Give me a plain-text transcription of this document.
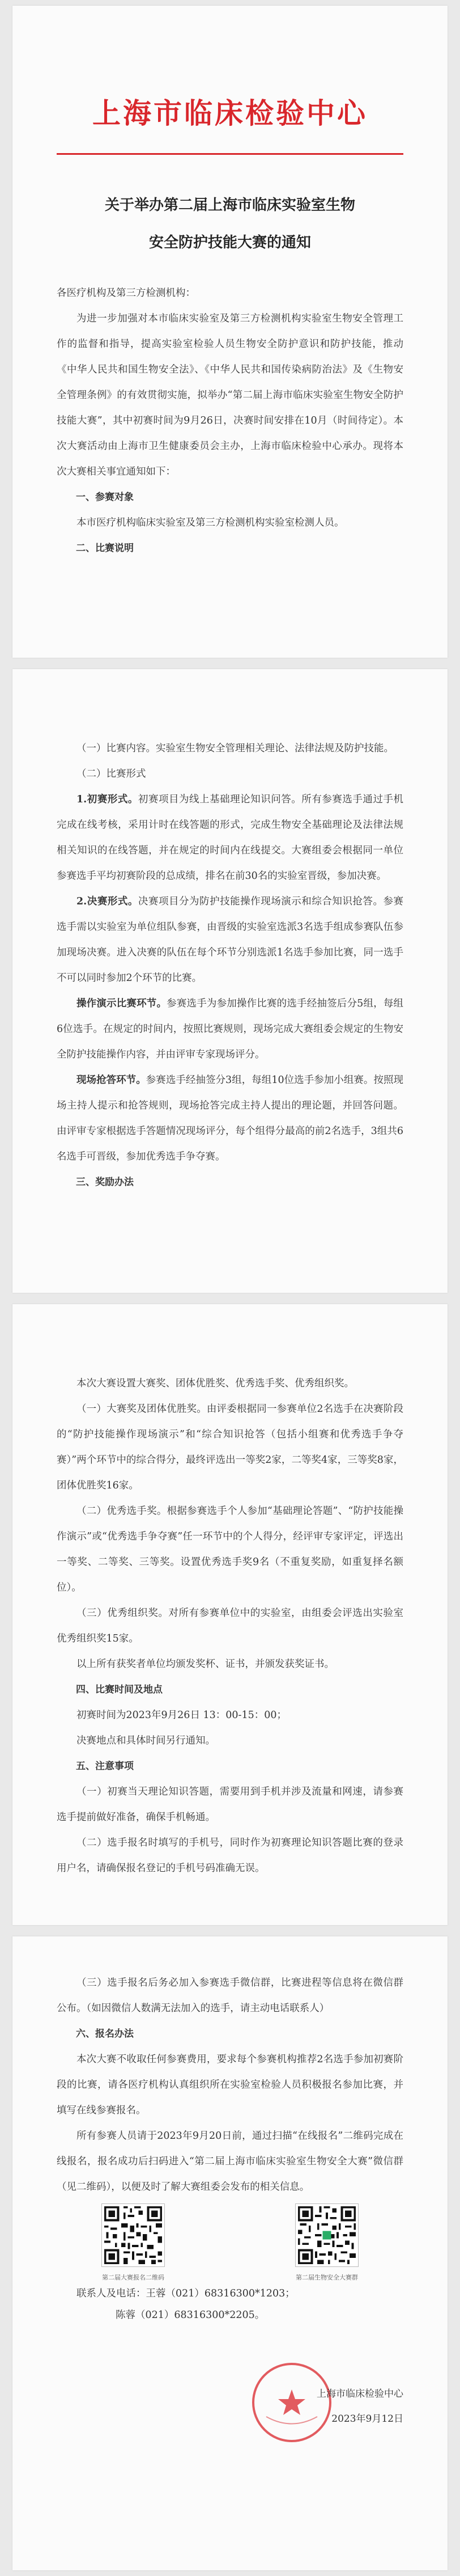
上海市临床检验中心
关于举办第二届上海市临床实验室生物
安全防护技能大赛的通知

各医疗机构及第三方检测机构：

为进一步加强对本市临床实验室及第三方检测机构实验室生物安全管理工作的监督和指导，提高实验室检验人员生物安全防护意识和防护技能，推动《中华人民共和国生物安全法》、《中华人民共和国传染病防治法》及《生物安全管理条例》的有效贯彻实施，拟举办“第二届上海市临床实验室生物安全防护技能大赛”，其中初赛时间为9月26日，决赛时间安排在10月（时间待定）。本次大赛活动由上海市卫生健康委员会主办，上海市临床检验中心承办。现将本次大赛相关事宜通知如下：

一、参赛对象

本市医疗机构临床实验室及第三方检测机构实验室检测人员。

二、比赛说明

（一）比赛内容。实验室生物安全管理相关理论、法律法规及防护技能。

（二）比赛形式

1.初赛形式。初赛项目为线上基础理论知识问答。所有参赛选手通过手机完成在线考核，采用计时在线答题的形式，完成生物安全基础理论及法律法规相关知识的在线答题，并在规定的时间内在线提交。大赛组委会根据同一单位参赛选手平均初赛阶段的总成绩，排名在前30名的实验室晋级，参加决赛。

2.决赛形式。决赛项目分为防护技能操作现场演示和综合知识抢答。参赛选手需以实验室为单位组队参赛，由晋级的实验室选派3名选手组成参赛队伍参加现场决赛。进入决赛的队伍在每个环节分别选派1名选手参加比赛，同一选手不可以同时参加2个环节的比赛。

操作演示比赛环节。参赛选手为参加操作比赛的选手经抽签后分5组，每组6位选手。在规定的时间内，按照比赛规则，现场完成大赛组委会规定的生物安全防护技能操作内容，并由评审专家现场评分。

现场抢答环节。参赛选手经抽签分3组，每组10位选手参加小组赛。按照现场主持人提示和抢答规则，现场抢答完成主持人提出的理论题，并回答问题。由评审专家根据选手答题情况现场评分，每个组得分最高的前2名选手，3组共6名选手可晋级，参加优秀选手争夺赛。

三、奖励办法

本次大赛设置大赛奖、团体优胜奖、优秀选手奖、优秀组织奖。

（一）大赛奖及团体优胜奖。由评委根据同一参赛单位2名选手在决赛阶段的“防护技能操作现场演示”和“综合知识抢答（包括小组赛和优秀选手争夺赛）”两个环节中的综合得分，最终评选出一等奖2家，二等奖4家，三等奖8家，团体优胜奖16家。

（二）优秀选手奖。根据参赛选手个人参加“基础理论答题”、“防护技能操作演示”或“优秀选手争夺赛”任一环节中的个人得分，经评审专家评定，评选出一等奖、二等奖、三等奖。设置优秀选手奖9名（不重复奖励，如重复择名额位）。

（三）优秀组织奖。对所有参赛单位中的实验室，由组委会评选出实验室优秀组织奖15家。

以上所有获奖者单位均颁发奖杯、证书，并颁发获奖证书。

四、比赛时间及地点

初赛时间为2023年9月26日 13：00-15：00；

决赛地点和具体时间另行通知。

五、注意事项

（一）初赛当天理论知识答题，需要用到手机并涉及流量和网速，请参赛选手提前做好准备，确保手机畅通。

（二）选手报名时填写的手机号，同时作为初赛理论知识答题比赛的登录用户名，请确保报名登记的手机号码准确无误。

（三）选手报名后务必加入参赛选手微信群，比赛进程等信息将在微信群公布。（如因微信人数满无法加入的选手，请主动电话联系人）

六、报名办法

本次大赛不收取任何参赛费用，要求每个参赛机构推荐2名选手参加初赛阶段的比赛，请各医疗机构认真组织所在实验室检验人员积极报名参加比赛，并填写在线参赛报名。

所有参赛人员请于2023年9月20日前，通过扫描“在线报名”二维码完成在线报名，报名成功后扫码进入“第二届上海市临床实验室生物安全大赛”微信群（见二维码），以便及时了解大赛组委会发布的相关信息。

第二届大赛报名二维码	第二届生物安全大赛群

联系人及电话：王蓉（021）68316300*1203；

陈蓉（021）68316300*2205。

上海市临床检验中心
2023年9月12日
